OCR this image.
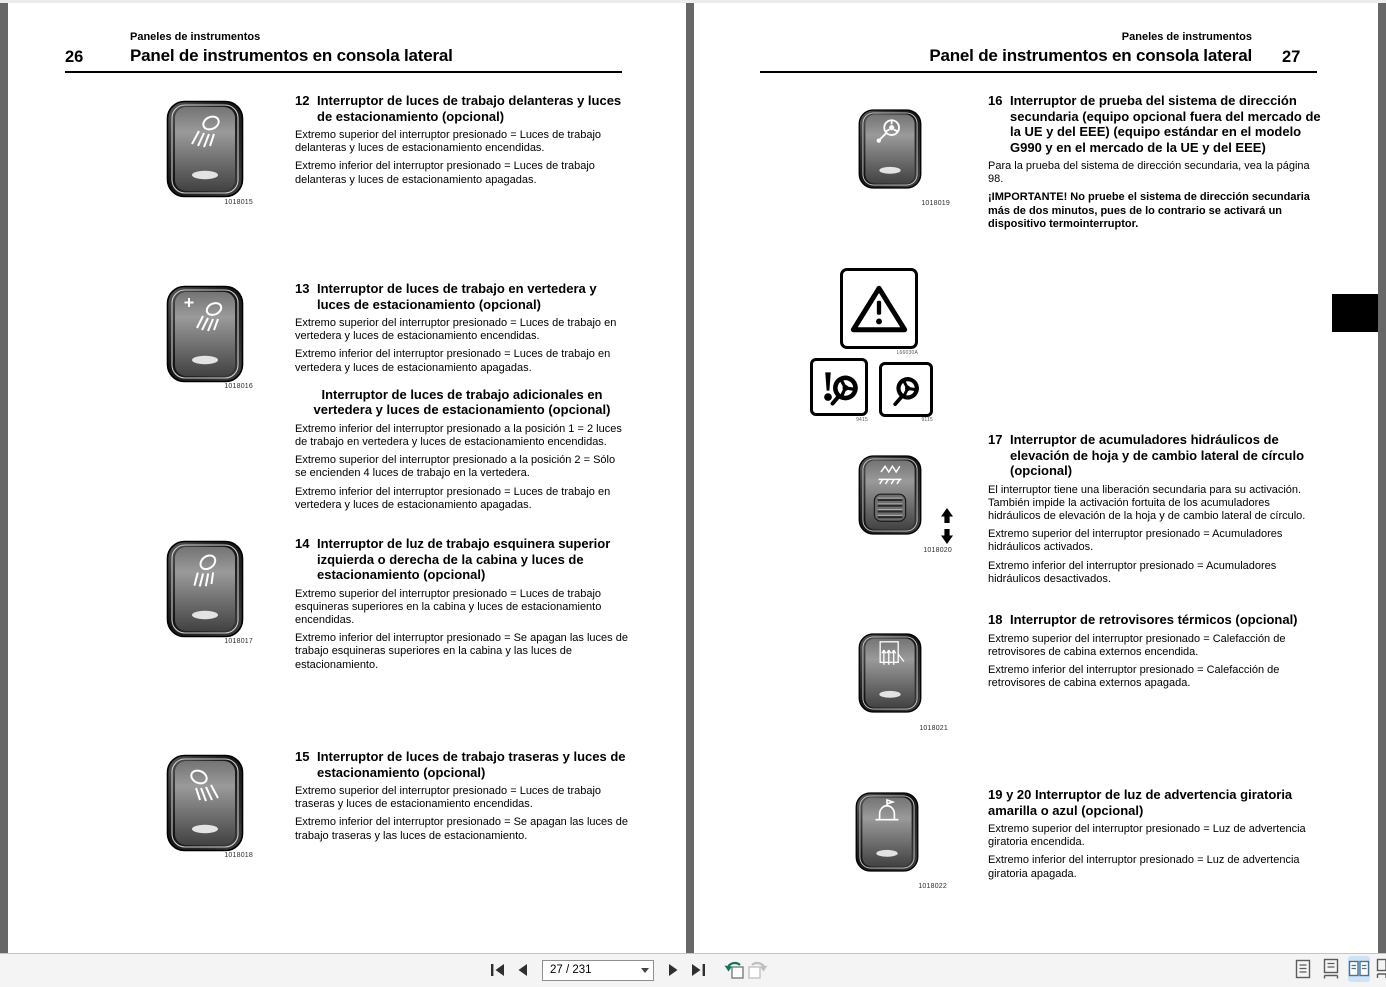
Paneles de instrumentos
26	Panel de instrumentos en consola lateral
1018015
12 Interruptor de luces de trabajo delanteras y luces de estacionamiento (opcional)

Extremo superior del interruptor presionado = Luces de trabajo delanteras y luces de estacionamiento encendidas.

Extremo inferior del interruptor presionado = Luces de trabajo delanteras y luces de estacionamiento apagadas.

1018016
13 Interruptor de luces de trabajo en vertedera y luces de estacionamiento (opcional)

Extremo superior del interruptor presionado = Luces de trabajo en vertedera y luces de estacionamiento encendidas.

Extremo inferior del interruptor presionado = Luces de trabajo en vertedera y luces de estacionamiento apagadas.

Interruptor de luces de trabajo adicionales en vertedera y luces de estacionamiento (opcional)

Extremo inferior del interruptor presionado a la posición 1 = 2 luces de trabajo en vertedera y luces de estacionamiento encendidas.

Extremo superior del interruptor presionado a la posición 2 = Sólo se encienden 4 luces de trabajo en la vertedera.

Extremo inferior del interruptor presionado = Luces de trabajo en vertedera y luces de estacionamiento apagadas.

1018017
14 Interruptor de luz de trabajo esquinera superior izquierda o derecha de la cabina y luces de estacionamiento (opcional)

Extremo superior del interruptor presionado = Luces de trabajo esquineras superiores en la cabina y luces de estacionamiento encendidas.

Extremo inferior del interruptor presionado = Se apagan las luces de trabajo esquineras superiores en la cabina y las luces de estacionamiento.

1018018
15 Interruptor de luces de trabajo traseras y luces de estacionamiento (opcional)

Extremo superior del interruptor presionado = Luces de trabajo traseras y luces de estacionamiento encendidas.

Extremo inferior del interruptor presionado = Se apagan las luces de trabajo traseras y las luces de estacionamiento.

Paneles de instrumentos
Panel de instrumentos en consola lateral 27
1018019
16 Interruptor de prueba del sistema de dirección secundaria (equipo opcional fuera del mercado de la UE y del EEE) (equipo estándar en el modelo G990 y en el mercado de la UE y del EEE)

Para la prueba del sistema de dirección secundaria, vea la página 98.

¡IMPORTANTE! No pruebe el sistema de dirección secundaria más de dos minutos, pues de lo contrario se activará un dispositivo termointerruptor.

L66030A
9415	9115
1018020
17 Interruptor de acumuladores hidráulicos de elevación de hoja y de cambio lateral de círculo (opcional)

El interruptor tiene una liberación secundaria para su activación. También impide la activación fortuita de los acumuladores hidráulicos de elevación de la hoja y de cambio lateral de círculo.

Extremo superior del interruptor presionado = Acumuladores hidráulicos activados.

Extremo inferior del interruptor presionado = Acumuladores hidráulicos desactivados.

1018021
18 Interruptor de retrovisores térmicos (opcional)

Extremo superior del interruptor presionado = Calefacción de retrovisores de cabina externos encendida.

Extremo inferior del interruptor presionado = Calefacción de retrovisores de cabina externos apagada.

1018022
19 y 20 Interruptor de luz de advertencia giratoria amarilla o azul (opcional)

Extremo superior del interruptor presionado = Luz de advertencia giratoria encendida.

Extremo inferior del interruptor presionado = Luz de advertencia giratoria apagada.

27 / 231
